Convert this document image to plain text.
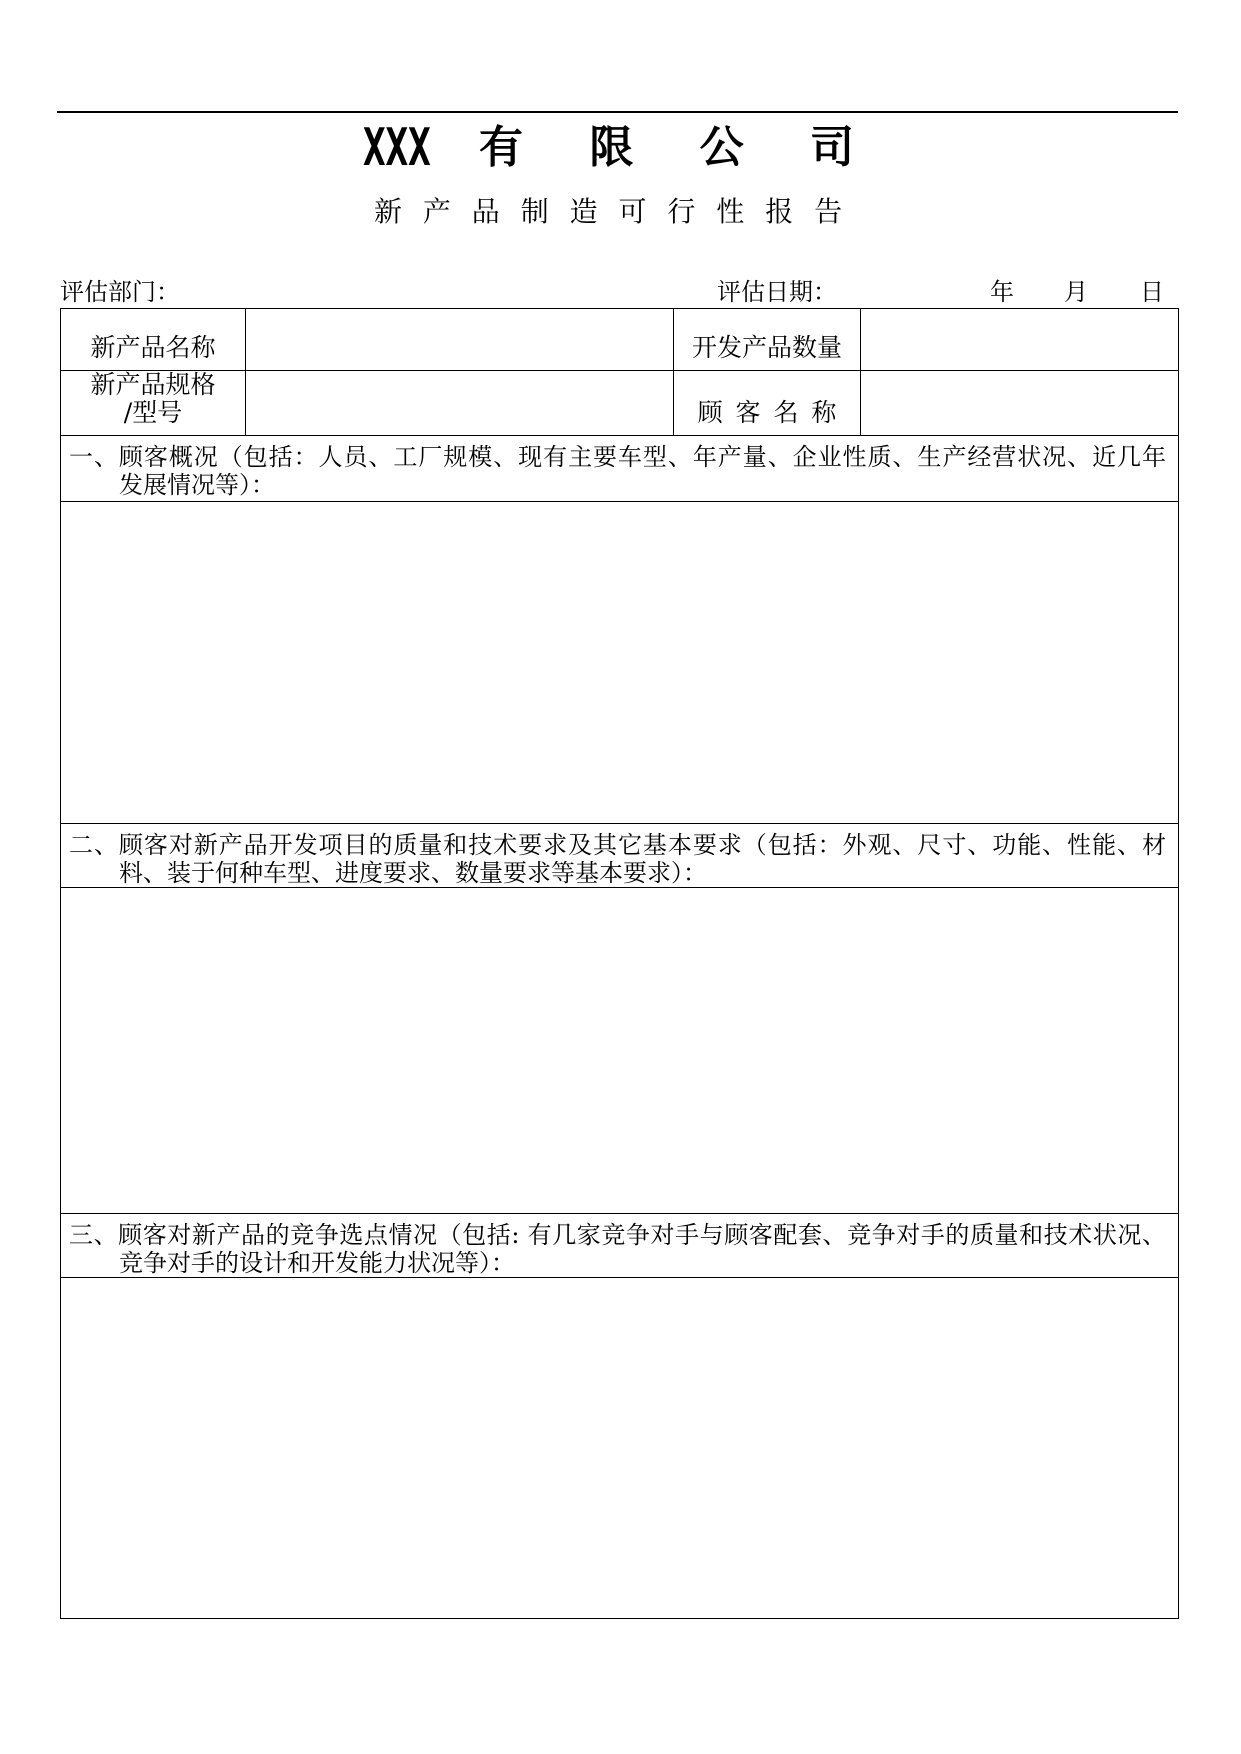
XXX 有 限 公 司
新 产 品 制 造 可 行 性 报 告
评估部门：	评估日期：	年 月 日
新产品名称		开发产品数量	

新产品规格
/型号		顾 客 名 称	

一、顾客概况（包括：人员、工厂规模、现有主要车型、年产量、企业性质、生产经营状况、近几年
发展情况等）：			

二、顾客对新产品开发项目的质量和技术要求及其它基本要求（包括：外观、尺寸、功能、性能、材
料、装于何种车型、进度要求、数量要求等基本要求）：			

三、顾客对新产品的竞争选点情况（包括: 有几家竞争对手与顾客配套、竞争对手的质量和技术状况、
竞争对手的设计和开发能力状况等）：			
